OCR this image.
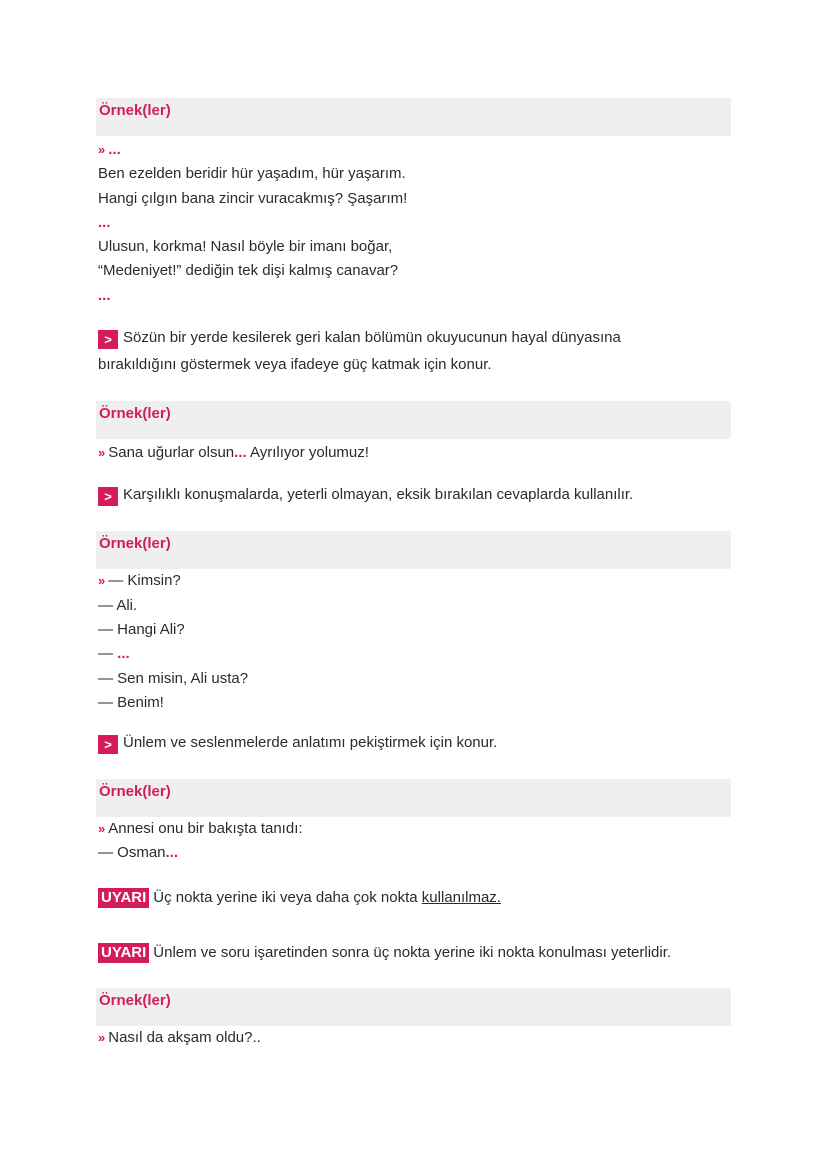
Örnek(ler)
» ...
Ben ezelden beridir hür yaşadım, hür yaşarım.
Hangi çılgın bana zincir vuracakmış? Şaşarım!
...
Ulusun, korkma! Nasıl böyle bir imanı boğar,
“Medeniyet!” dediğin tek dişi kalmış canavar?
...
> Sözün bir yerde kesilerek geri kalan bölümün okuyucunun hayal dünyasına
bırakıldığını göstermek veya ifadeye güç katmak için konur.
Örnek(ler)
» Sana uğurlar olsun... Ayrılıyor yolumuz!
> Karşılıklı konuşmalarda, yeterli olmayan, eksik bırakılan cevaplarda kullanılır.
Örnek(ler)
» — Kimsin?
— Ali.
— Hangi Ali?
— ...
— Sen misin, Ali usta?
— Benim!
> Ünlem ve seslenmelerde anlatımı pekiştirmek için konur.
Örnek(ler)
» Annesi onu bir bakışta tanıdı:
— Osman...
UYARI Üç nokta yerine iki veya daha çok nokta kullanılmaz.
UYARI Ünlem ve soru işaretinden sonra üç nokta yerine iki nokta konulması yeterlidir.
Örnek(ler)
» Nasıl da akşam oldu?..
